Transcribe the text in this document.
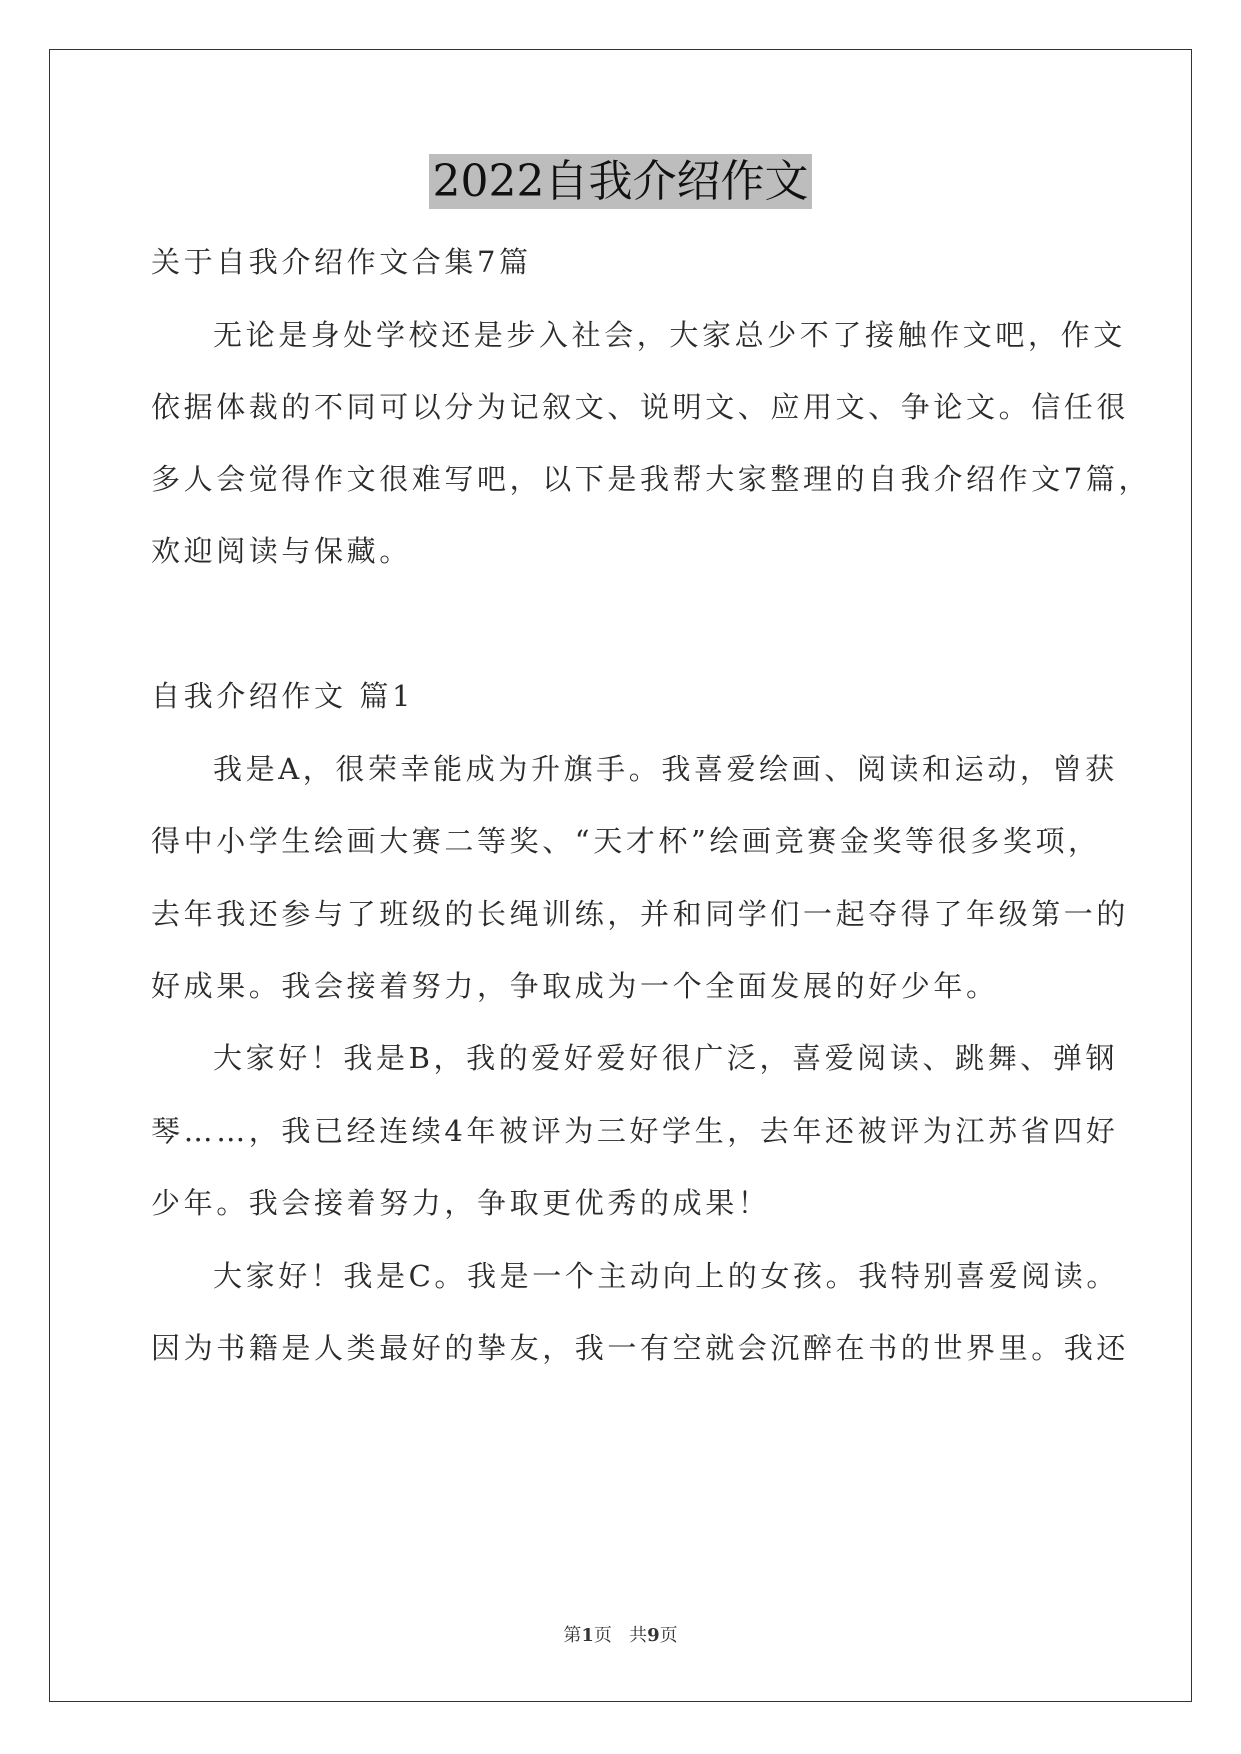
2022自我介绍作文
关于自我介绍作文合集7篇
无论是身处学校还是步入社会，大家总少不了接触作文吧，作文
依据体裁的不同可以分为记叙文、说明文、应用文、争论文。信任很
多人会觉得作文很难写吧，以下是我帮大家整理的自我介绍作文7篇，
欢迎阅读与保藏。
自我介绍作文 篇1
我是A，很荣幸能成为升旗手。我喜爱绘画、阅读和运动，曾获
得中小学生绘画大赛二等奖、“天才杯”绘画竞赛金奖等很多奖项，
去年我还参与了班级的长绳训练，并和同学们一起夺得了年级第一的
好成果。我会接着努力，争取成为一个全面发展的好少年。
大家好！我是B，我的爱好爱好很广泛，喜爱阅读、跳舞、弹钢
琴……，我已经连续4年被评为三好学生，去年还被评为江苏省四好
少年。我会接着努力，争取更优秀的成果！
大家好！我是C。我是一个主动向上的女孩。我特别喜爱阅读。
因为书籍是人类最好的挚友，我一有空就会沉醉在书的世界里。我还
第1页   共9页
